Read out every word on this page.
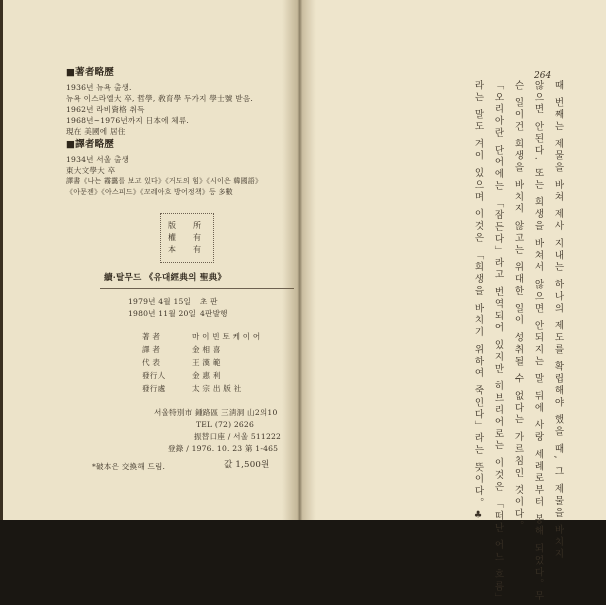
■著者略歷
1936년 뉴욕 출생.
뉴욕 이스라엘大 卒, 哲學, 敎育學 두가지 學士號 받음.
1962년 라비資格 취득
1968년~1976년까지 日本에 체류.
現在 美國에 居住
■譯者略歷
1934년 서울 출생
東大文學大 卒
譯書《나는 霧靄를 보고 있다》《거도의 힘》《시이은 韓國語》
《아문젠》《아스피드》《꼬레아흐 방어정책》등 多數
版
權
本
所
有
有
續·탈무드 《유대經典의 聖典》
1979년 4월 15일 초 판
1980년 11월 20일 4판발행
著 者	마 이 빈 토 케 이 어
譯 者	金 相 喜
代 表	王 漢 範
發行人	金 惠 利
發行處	太 宗 出 版 社
서울特別市 鍾路區 三淸洞 山2의10
TEL (72) 2626
振替口座 / 서울 511222
登錄 / 1976. 10. 23 第 1-465
*破本은 交換해 드림.	값 1,500원
264
때 번째는 제물을 바쳐 제사 지내는 하나의 제도를 확립해야 했을 때, 그 제물을 바치지
않으면 안된다. 또는 희생을 바쳐서 않으면 안되지는 말 뒤에 사랑 세례로부터 봉해 되었다。무
슨 일이건 희생을 바치지 않고는 위대한 일이 성취될 수 없다는 가르침인 것이다。
「오리아란 단어에는 「잠든다」라고 번역되어 있지만 히브리어로는 이것은 「떠난 어느 흐름」
라는 말도 겨이 있으며 이것은 「희생을 바치기 위하여 죽인다」라는 뜻이다。♣
